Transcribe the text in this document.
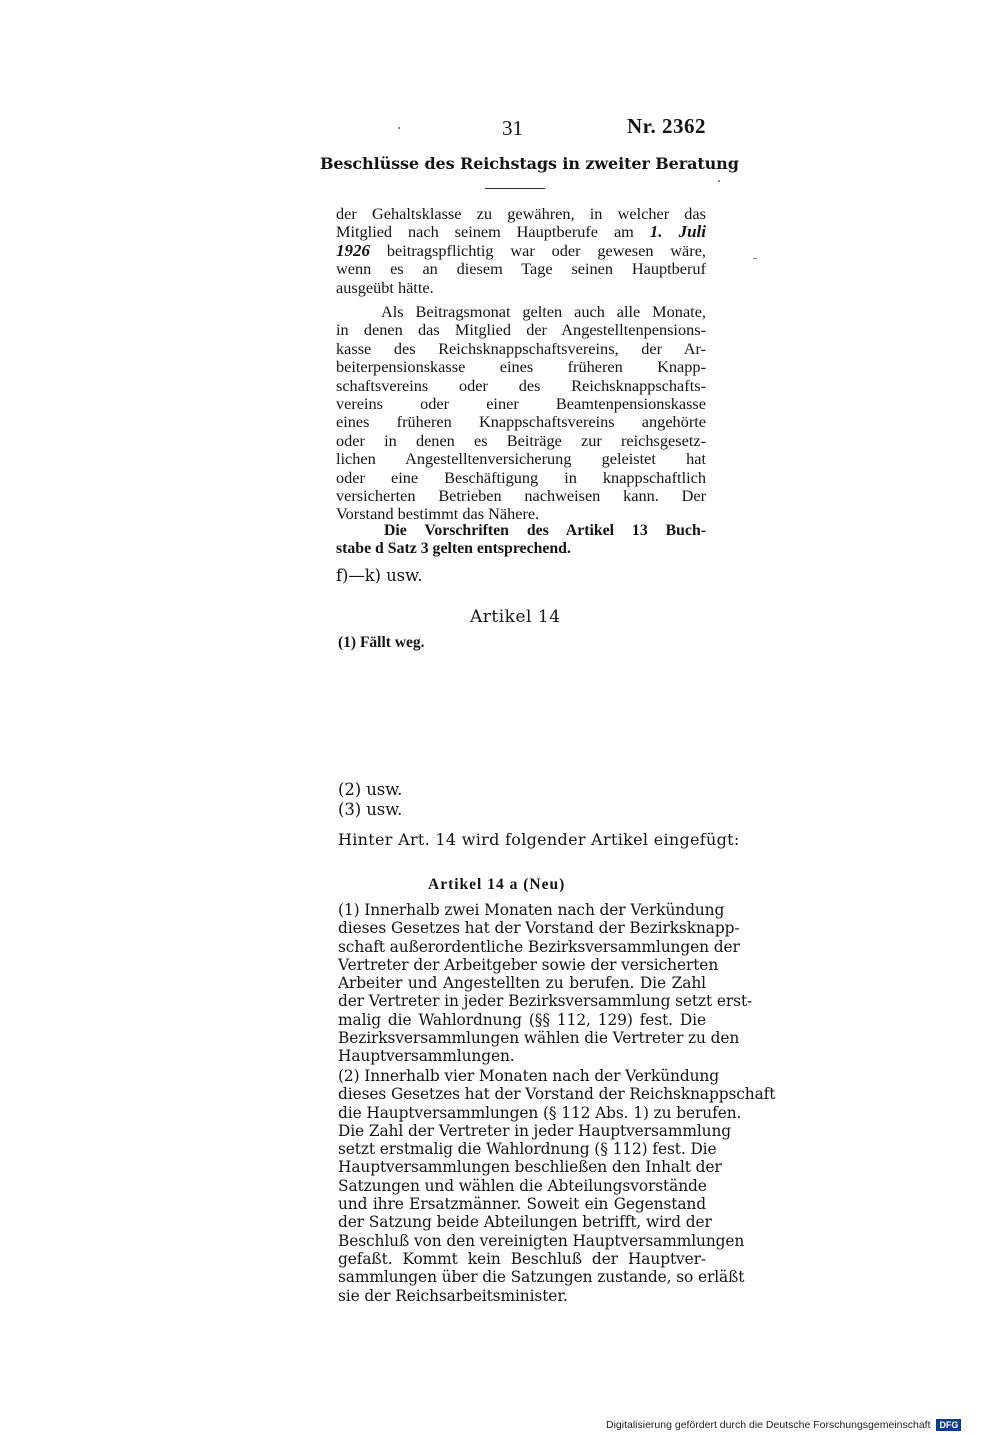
31	Nr. 2362
Beschlüsse des Reichstags in zweiter Beratung
der Gehaltsklasse zu gewähren, in welcher das
Mitglied nach seinem Hauptberufe am 1. Juli
1926 beitragspflichtig war oder gewesen wäre,
wenn es an diesem Tage seinen Hauptberuf
ausgeübt hätte.
Als Beitragsmonat gelten auch alle Monate,
in denen das Mitglied der Angestelltenpensions-
kasse des Reichsknappschaftsvereins, der Ar-
beiterpensionskasse eines früheren Knapp-
schaftsvereins oder des Reichsknappschafts-
vereins oder einer Beamtenpensionskasse
eines früheren Knappschaftsvereins angehörte
oder in denen es Beiträge zur reichsgesetz-
lichen Angestelltenversicherung geleistet hat
oder eine Beschäftigung in knappschaftlich
versicherten Betrieben nachweisen kann. Der
Vorstand bestimmt das Nähere.
Die Vorschriften des Artikel 13 Buch-
stabe d Satz 3 gelten entsprechend.
f)—k) usw.
Artikel 14
(1) Fällt weg.
(2) usw.
(3) usw.
Hinter Art. 14 wird folgender Artikel eingefügt:
Artikel 14 a (Neu)
(1) Innerhalb zwei Monaten nach der Verkündung
dieses Gesetzes hat der Vorstand der Bezirksknapp-
schaft außerordentliche Bezirksversammlungen der
Vertreter der Arbeitgeber sowie der versicherten
Arbeiter und Angestellten zu berufen. Die Zahl
der Vertreter in jeder Bezirksversammlung setzt erst-
malig die Wahlordnung (§§ 112, 129) fest. Die
Bezirksversammlungen wählen die Vertreter zu den
Hauptversammlungen.
(2) Innerhalb vier Monaten nach der Verkündung
dieses Gesetzes hat der Vorstand der Reichsknappschaft
die Hauptversammlungen (§ 112 Abs. 1) zu berufen.
Die Zahl der Vertreter in jeder Hauptversammlung
setzt erstmalig die Wahlordnung (§ 112) fest. Die
Hauptversammlungen beschließen den Inhalt der
Satzungen und wählen die Abteilungsvorstände
und ihre Ersatzmänner. Soweit ein Gegenstand
der Satzung beide Abteilungen betrifft, wird der
Beschluß von den vereinigten Hauptversammlungen
gefaßt. Kommt kein Beschluß der Hauptver-
sammlungen über die Satzungen zustande, so erläßt
sie der Reichsarbeitsminister.
Digitalisierung gefördert durch die Deutsche Forschungsgemeinschaft DFG
